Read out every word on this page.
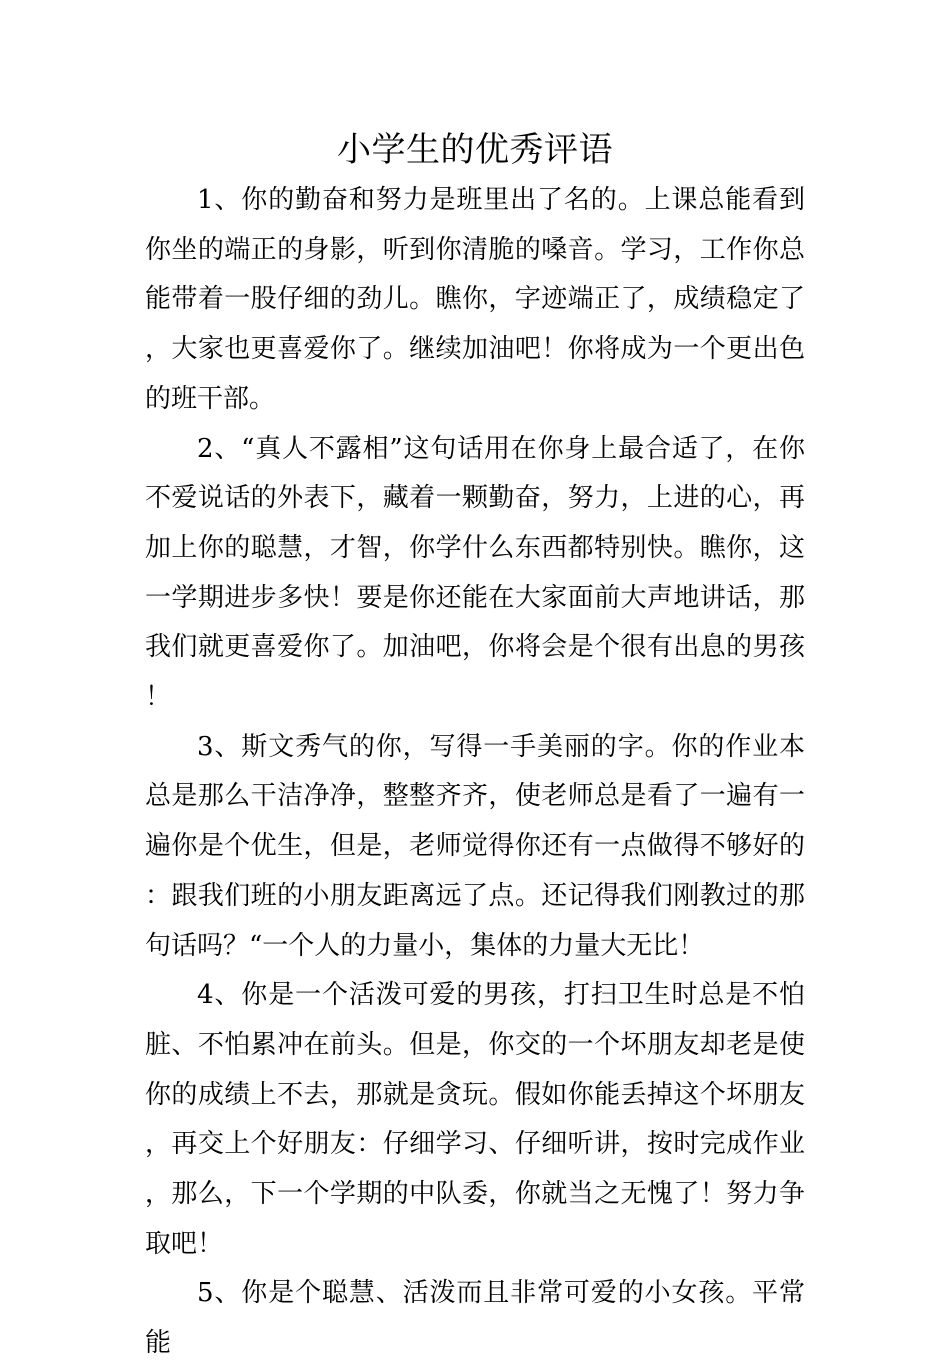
小学生的优秀评语

1、你的勤奋和努力是班里出了名的。上课总能看到你坐的端正的身影，听到你清脆的嗓音。学习，工作你总能带着一股仔细的劲儿。瞧你，字迹端正了，成绩稳定了，大家也更喜爱你了。继续加油吧！你将成为一个更出色的班干部。

2、“真人不露相”这句话用在你身上最合适了，在你不爱说话的外表下，藏着一颗勤奋，努力，上进的心，再加上你的聪慧，才智，你学什么东西都特别快。瞧你，这一学期进步多快！要是你还能在大家面前大声地讲话，那我们就更喜爱你了。加油吧，你将会是个很有出息的男孩！

3、斯文秀气的你，写得一手美丽的字。你的作业本总是那么干洁净净，整整齐齐，使老师总是看了一遍有一遍你是个优生，但是，老师觉得你还有一点做得不够好的：跟我们班的小朋友距离远了点。还记得我们刚教过的那句话吗？“一个人的力量小，集体的力量大无比！

4、你是一个活泼可爱的男孩，打扫卫生时总是不怕脏、不怕累冲在前头。但是，你交的一个坏朋友却老是使你的成绩上不去，那就是贪玩。假如你能丢掉这个坏朋友，再交上个好朋友：仔细学习、仔细听讲，按时完成作业，那么，下一个学期的中队委，你就当之无愧了！努力争取吧！

5、你是个聪慧、活泼而且非常可爱的小女孩。平常能
